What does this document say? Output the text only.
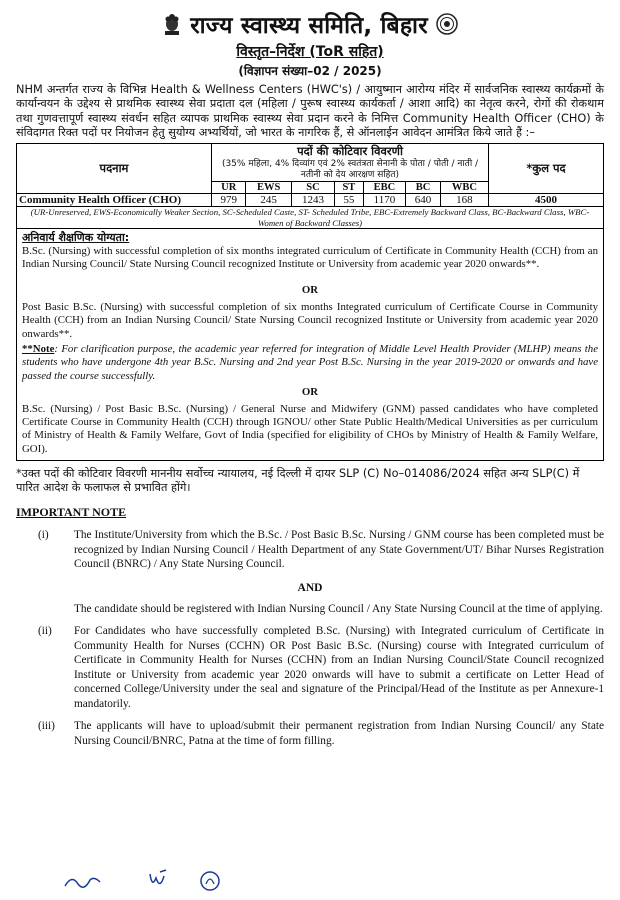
राज्य स्वास्थ्य समिति, बिहार
विस्तृत–निर्देश (ToR सहित)
(विज्ञापन संख्या–02 / 2025)
NHM अन्तर्गत राज्य के विभिन्न Health & Wellness Centers (HWC's) / आयुष्मान आरोग्य मंदिर में सार्वजनिक स्वास्थ्य कार्यक्रमों के कार्यान्वयन के उद्देश्य से प्राथमिक स्वास्थ्य सेवा प्रदाता दल (महिला / पुरूष स्वास्थ्य कार्यकर्ता / आशा आदि) का नेतृत्व करने, रोगों की रोकथाम तथा गुणवत्तापूर्ण स्वास्थ्य संवर्धन सहित व्यापक प्राथमिक स्वास्थ्य सेवा प्रदान करने के निमित्त Community Health Officer (CHO) के संविदागत रिक्त पदों पर नियोजन हेतु सुयोग्य अभ्यर्थियों, जो भारत के नागरिक हैं, से ऑनलाईन आवेदन आमंत्रित किये जाते हैं :–
पदनाम	पदों की कोटिवार विवरणी
(35% महिला, 4% दिव्यांग एवं 2% स्वतंत्रता सेनानी के पोता / पोती / नाती / नतीनी को देय आरक्षण सहित)							*कुल पद
	UR	EWS	SC	ST	EBC	BC	WBC	
Community Health Officer (CHO)	979	245	1243	55	1170	640	168	4500
(UR-Unreserved, EWS-Economically Weaker Section, SC-Scheduled Caste, ST- Scheduled Tribe, EBC-Extremely Backward Class, BC-Backward Class, WBC-Women of Backward Classes)								
अनिवार्य शैक्षणिक योग्यता:

B.Sc. (Nursing) with successful completion of six months integrated curriculum of Certificate in Community Health (CCH) from an Indian Nursing Council/ State Nursing Council recognized Institute or University from academic year 2020 onwards**.

OR

Post Basic B.Sc. (Nursing) with successful completion of six months Integrated curriculum of Certificate Course in Community Health (CCH) from an Indian Nursing Council/ State Nursing Council recognized Institute or University from academic year 2020 onwards**.

**Note: For clarification purpose, the academic year referred for integration of Middle Level Health Provider (MLHP) means the students who have undergone 4th year B.Sc. Nursing and 2nd year Post B.Sc. Nursing in the year 2019-2020 or onwards and have passed the course successfully.

OR

B.Sc. (Nursing) / Post Basic B.Sc. (Nursing) / General Nurse and Midwifery (GNM) passed candidates who have completed Certificate Course in Community Health (CCH) through IGNOU/ other State Public Health/Medical Universities as per curriculum of Ministry of Health & Family Welfare, Govt of India (specified for eligibility of CHOs by Ministry of Health & Family Welfare, GOI).

*उक्त पदों की कोटिवार विवरणी माननीय सर्वोच्च न्यायालय, नई दिल्ली में दायर SLP (C) No–014086/2024 सहित अन्य SLP(C) में पारित आदेश के फलाफल से प्रभावित होंगे।
IMPORTANT NOTE
(i)	The Institute/University from which the B.Sc. / Post Basic B.Sc. Nursing / GNM course has been completed must be recognized by Indian Nursing Council / Health Department of any State Government/UT/ Bihar Nurses Registration Council (BNRC) / Any State Nursing Council.
AND
The candidate should be registered with Indian Nursing Council / Any State Nursing Council at the time of applying.
(ii)	For Candidates who have successfully completed B.Sc. (Nursing) with Integrated curriculum of Certificate in Community Health for Nurses (CCHN) OR Post Basic B.Sc. (Nursing) course with Integrated curriculum of Certificate in Community Health for Nurses (CCHN) from an Indian Nursing Council/State Council recognized Institute or University from academic year 2020 onwards will have to submit a certificate on Letter Head of concerned College/University under the seal and signature of the Principal/Head of the Institute as per Annexure-1 mandatorily.
(iii)	The applicants will have to upload/submit their permanent registration from Indian Nursing Council/ any State Nursing Council/BNRC, Patna at the time of form filling.
